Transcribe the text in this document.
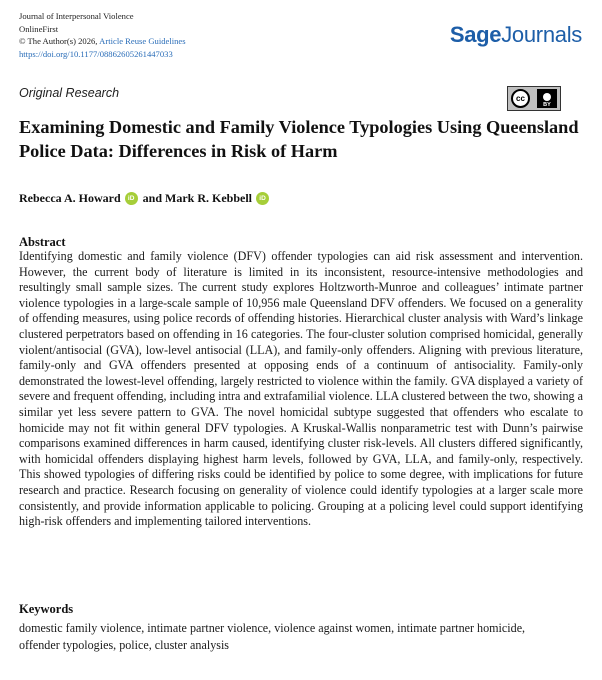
Journal of Interpersonal Violence
OnlineFirst
© The Author(s) 2026, Article Reuse Guidelines
https://doi.org/10.1177/08862605261447033
SageJournals
Original Research	cc
BY
Examining Domestic and Family Violence Typologies Using Queensland Police Data: Differences in Risk of Harm
Rebecca A. Howard	iD and
Mark R. Kebbell	iD
Abstract
Identifying domestic and family violence (DFV) offender typologies can aid risk assessment and intervention. However, the current body of literature is limited in its inconsistent, resource-intensive methodologies and resultingly small sample sizes. The current study explores Holtzworth-Munroe and colleagues’ intimate partner violence typologies in a large-scale sample of 10,956 male Queensland DFV offenders. We focused on a generality of offending measures, using police records of offending histories. Hierarchical cluster analysis with Ward’s linkage clustered perpetrators based on offending in 16 categories. The four-cluster solution comprised homicidal, generally violent/antisocial (GVA), low-level antisocial (LLA), and family-only offenders. Aligning with previous literature, family-only and GVA offenders presented at opposing ends of a continuum of antisociality. Family-only demonstrated the lowest-level offending, largely restricted to violence within the family. GVA displayed a variety of severe and frequent offending, including intra and extrafamilial violence. LLA clustered between the two, showing a similar yet less severe pattern to GVA. The novel homicidal subtype suggested that offenders who escalate to homicide may not fit within general DFV typologies. A Kruskal-Wallis nonparametric test with Dunn’s pairwise comparisons examined differences in harm caused, identifying cluster risk-levels. All clusters differed significantly, with homicidal offenders displaying highest harm levels, followed by GVA, LLA, and family-only, respectively. This showed typologies of differing risks could be identified by police to some degree, with implications for future research and practice. Research focusing on generality of violence could identify typologies at a larger scale more consistently, and provide information applicable to policing. Grouping at a policing level could support identifying high-risk offenders and implementing tailored interventions.
Keywords
domestic family violence, intimate partner violence, violence against women, intimate partner homicide, offender typologies, police, cluster analysis
